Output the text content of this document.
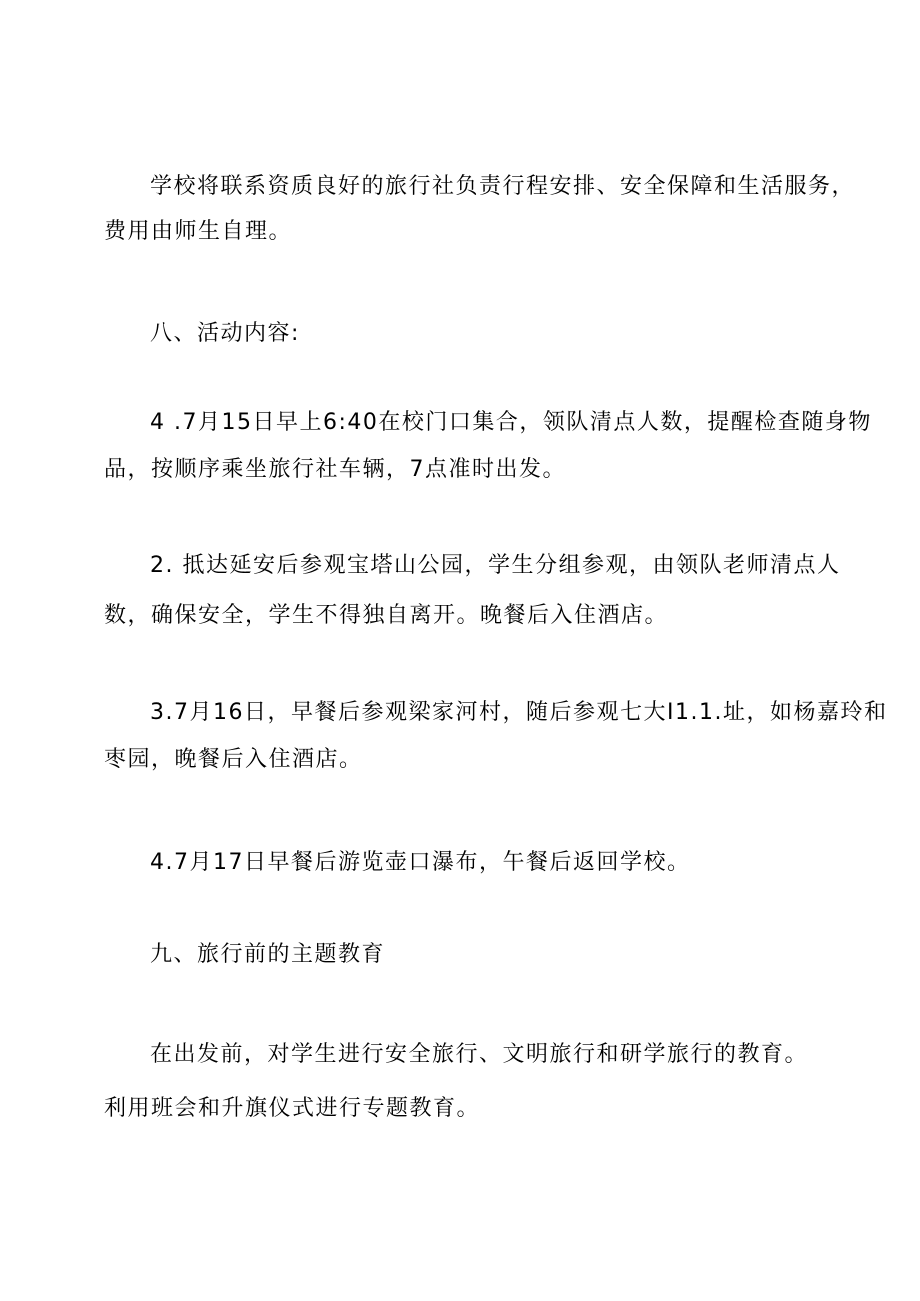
学校将联系资质良好的旅行社负责行程安排、安全保障和生活服务，
费用由师生自理。
八、活动内容:
4 .7月15日早上6:40在校门口集合，领队清点人数，提醒检查随身物
品，按顺序乘坐旅行社车辆，7点准时出发。
2. 抵达延安后参观宝塔山公园，学生分组参观，由领队老师清点人
数，确保安全，学生不得独自离开。晚餐后入住酒店。
3.7月16日，早餐后参观梁家河村，随后参观七大I1.1.址，如杨嘉玲和
枣园，晚餐后入住酒店。
4.7月17日早餐后游览壶口瀑布，午餐后返回学校。
九、旅行前的主题教育
在出发前，对学生进行安全旅行、文明旅行和研学旅行的教育。
利用班会和升旗仪式进行专题教育。
